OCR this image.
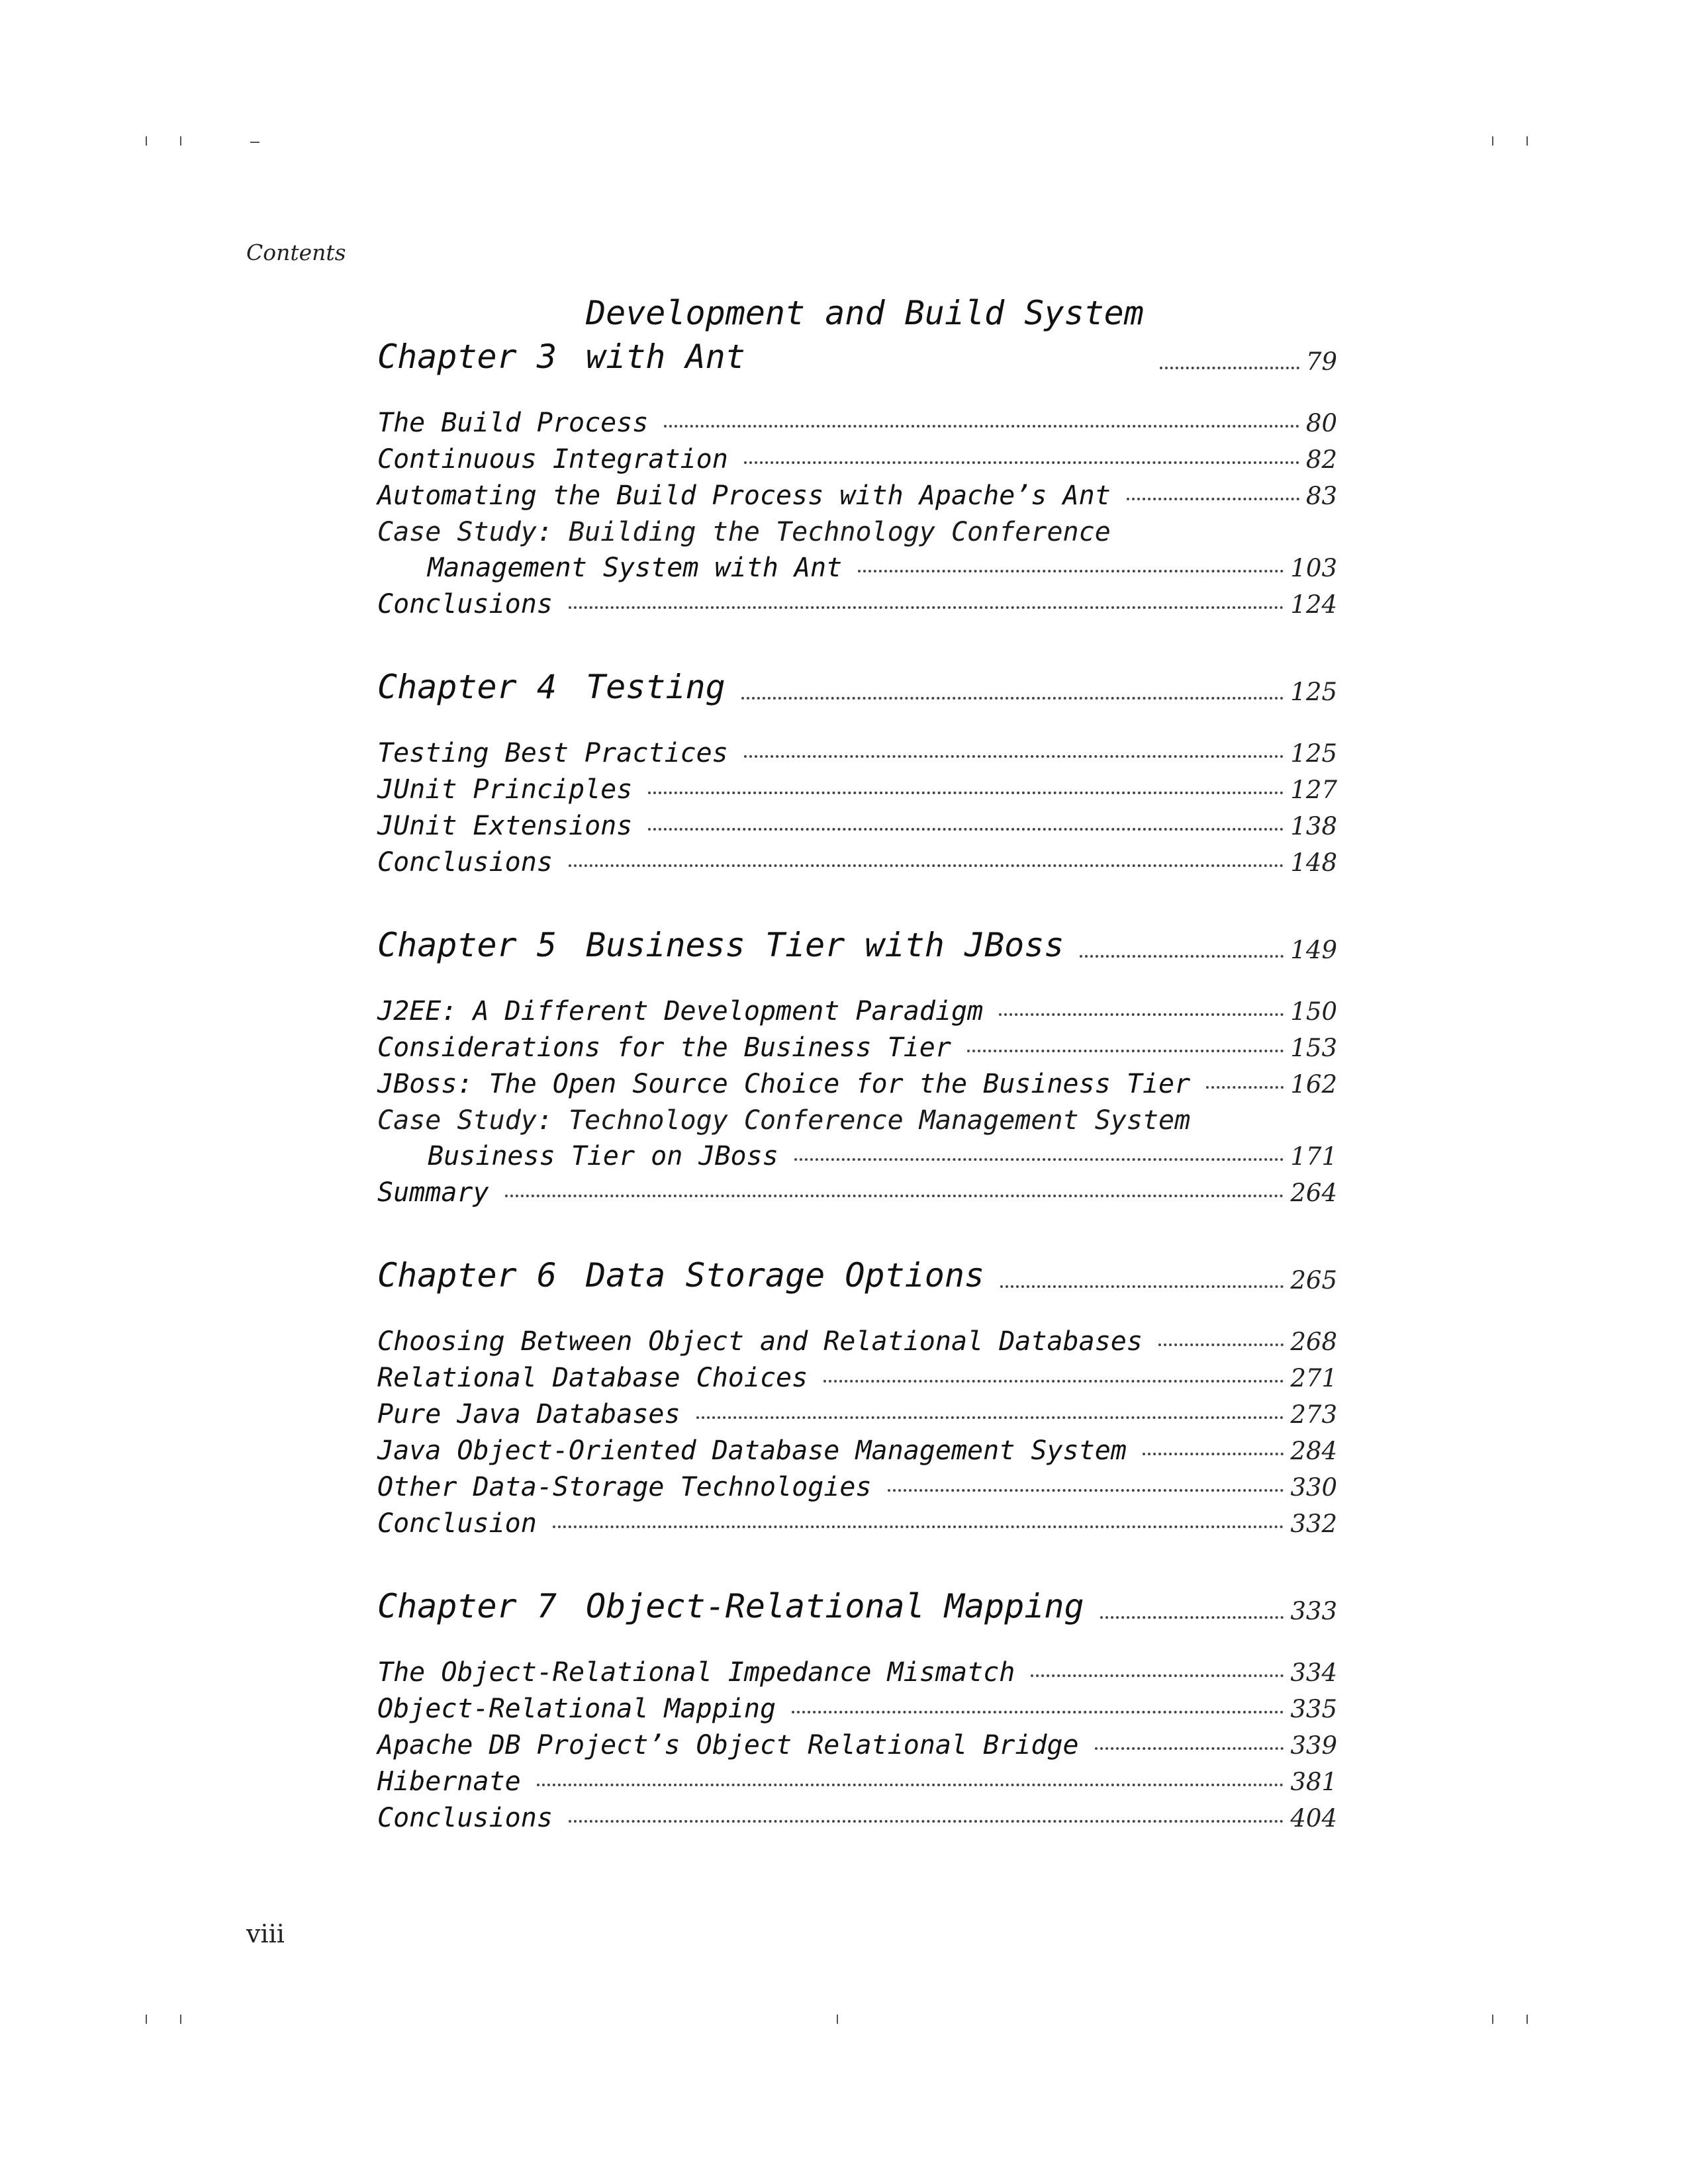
Contents
Chapter 3
Development and Build System
with Ant	79
The Build Process	80
Continuous Integration	82
Automating the Build Process with Apache’s Ant	83
Case Study: Building the Technology Conference
Management System with Ant	103
Conclusions	124
Chapter 4 Testing	125
Testing Best Practices	125
JUnit Principles	127
JUnit Extensions	138
Conclusions	148
Chapter 5 Business Tier with JBoss	149
J2EE: A Different Development Paradigm	150
Considerations for the Business Tier	153
JBoss: The Open Source Choice for the Business Tier	162
Case Study: Technology Conference Management System
Business Tier on JBoss	171
Summary	264
Chapter 6 Data Storage Options	265
Choosing Between Object and Relational Databases	268
Relational Database Choices	271
Pure Java Databases	273
Java Object-Oriented Database Management System	284
Other Data-Storage Technologies	330
Conclusion	332
Chapter 7 Object-Relational Mapping	333
The Object-Relational Impedance Mismatch	334
Object-Relational Mapping	335
Apache DB Project’s Object Relational Bridge	339
Hibernate	381
Conclusions	404
viii
